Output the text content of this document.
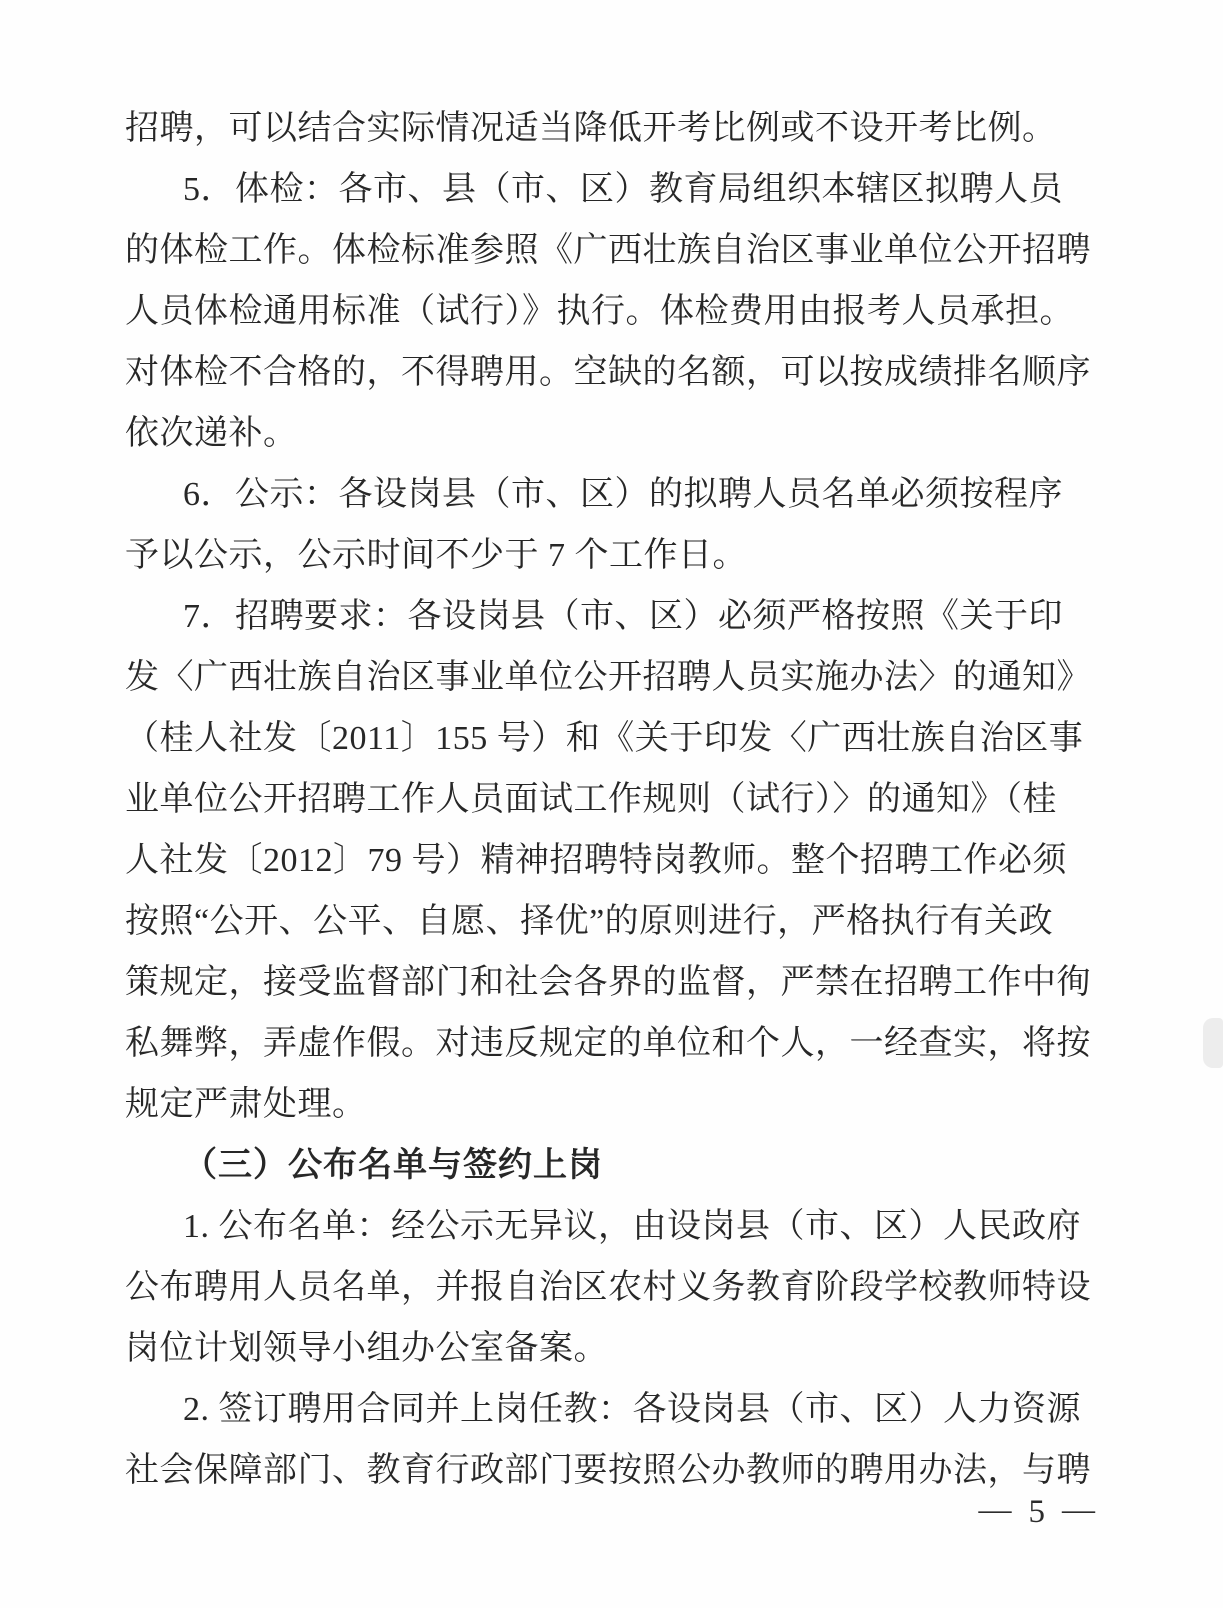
招聘，可以结合实际情况适当降低开考比例或不设开考比例。
5．体检：各市、县（市、区）教育局组织本辖区拟聘人员
的体检工作。体检标准参照《广西壮族自治区事业单位公开招聘
人员体检通用标准（试行）》执行。体检费用由报考人员承担。
对体检不合格的，不得聘用。空缺的名额，可以按成绩排名顺序
依次递补。
6．公示：各设岗县（市、区）的拟聘人员名单必须按程序
予以公示，公示时间不少于 7 个工作日。
7．招聘要求：各设岗县（市、区）必须严格按照《关于印
发〈广西壮族自治区事业单位公开招聘人员实施办法〉的通知》
（桂人社发〔2011〕155 号）和《关于印发〈广西壮族自治区事
业单位公开招聘工作人员面试工作规则（试行）〉的通知》（桂
人社发〔2012〕79 号）精神招聘特岗教师。整个招聘工作必须
按照“公开、公平、自愿、择优”的原则进行，严格执行有关政
策规定，接受监督部门和社会各界的监督，严禁在招聘工作中徇
私舞弊，弄虚作假。对违反规定的单位和个人，一经查实，将按
规定严肃处理。
（三）公布名单与签约上岗
1. 公布名单：经公示无异议，由设岗县（市、区）人民政府
公布聘用人员名单，并报自治区农村义务教育阶段学校教师特设
岗位计划领导小组办公室备案。
2. 签订聘用合同并上岗任教：各设岗县（市、区）人力资源
社会保障部门、教育行政部门要按照公办教师的聘用办法，与聘
— 5 —
